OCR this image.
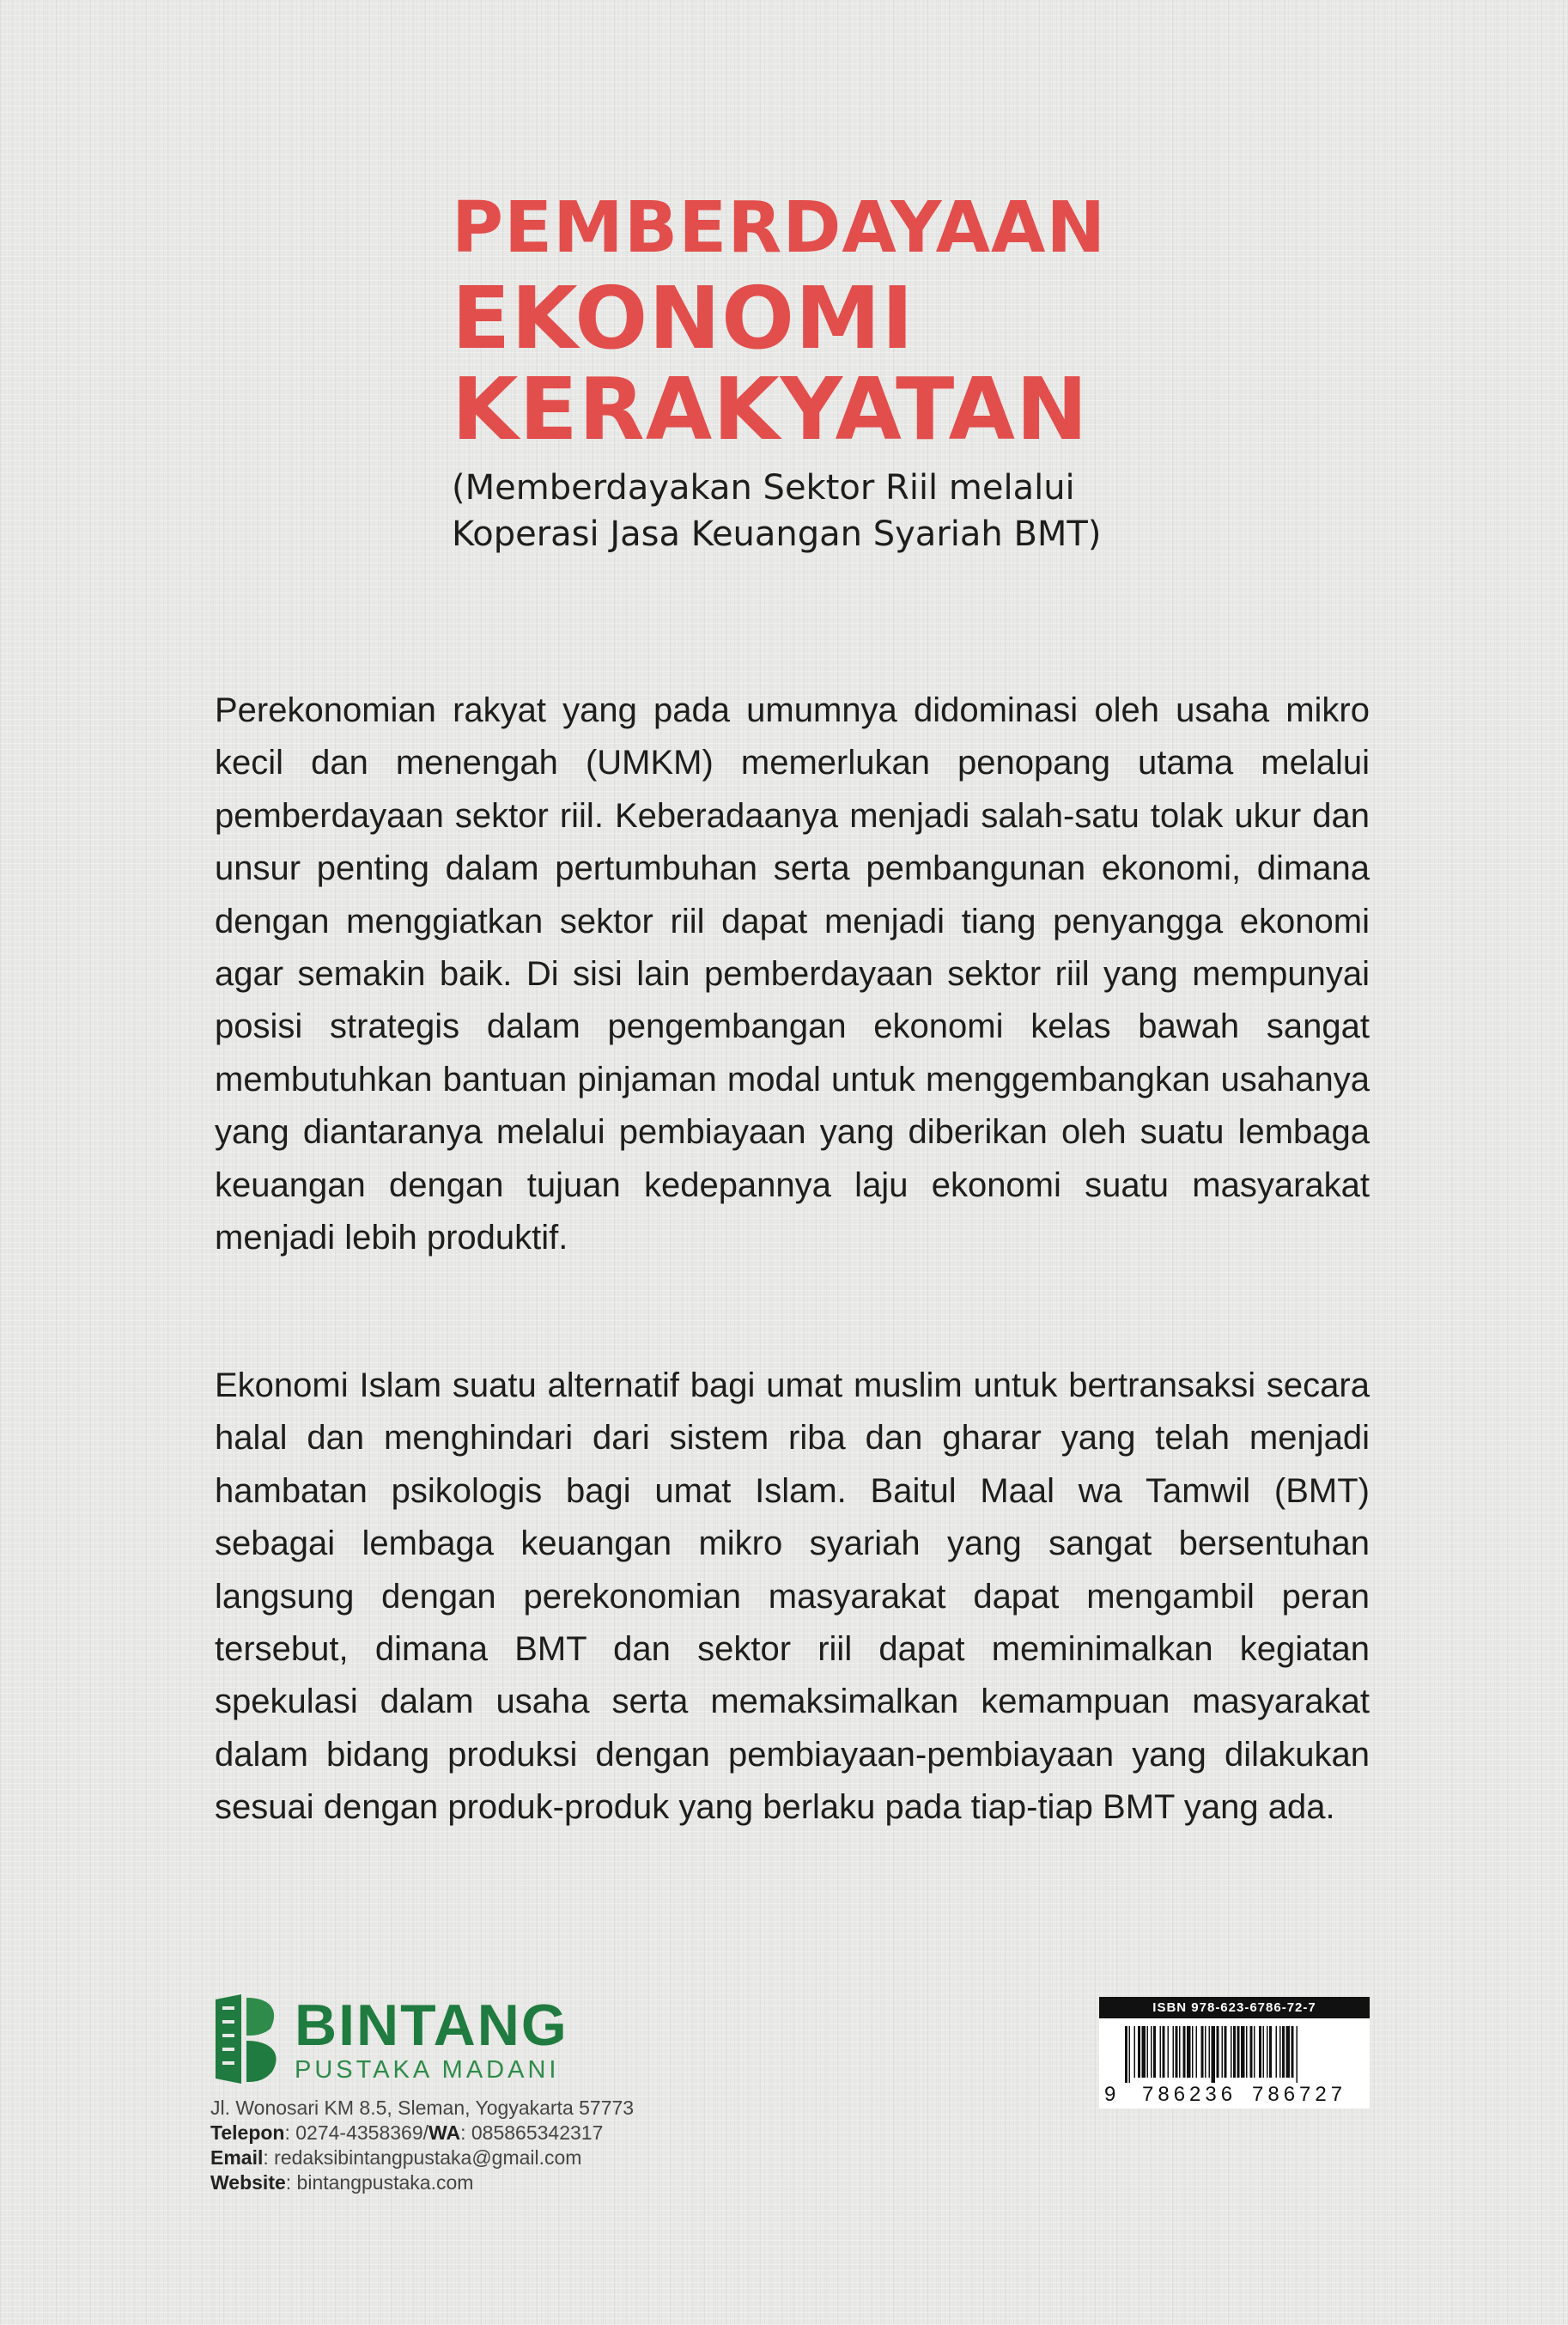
PEMBERDAYAAN
EKONOMI
KERAKYATAN
(Memberdayakan Sektor Riil melalui
Koperasi Jasa Keuangan Syariah BMT)

Perekonomian rakyat yang pada umumnya didominasi oleh usaha mikro kecil dan menengah (UMKM) memerlukan penopang utama melalui pemberdayaan sektor riil. Keberadaanya menjadi salah-satu tolak ukur dan unsur penting dalam pertumbuhan serta pembangunan ekonomi, dimana dengan menggiatkan sektor riil dapat menjadi tiang penyangga ekonomi agar semakin baik. Di sisi lain pemberdayaan sektor riil yang mempunyai posisi strategis dalam pengembangan ekonomi kelas bawah sangat membutuhkan bantuan pinjaman modal untuk menggembangkan usahanya yang diantaranya melalui pembiayaan yang diberikan oleh suatu lembaga keuangan dengan tujuan kedepannya laju ekonomi suatu masyarakat menjadi lebih produktif.

Ekonomi Islam suatu alternatif bagi umat muslim untuk bertransaksi secara halal dan menghindari dari sistem riba dan gharar yang telah menjadi hambatan psikologis bagi umat Islam. Baitul Maal wa Tamwil (BMT) sebagai lembaga keuangan mikro syariah yang sangat bersentuhan langsung dengan perekonomian masyarakat dapat mengambil peran tersebut, dimana BMT dan sektor riil dapat meminimalkan kegiatan spekulasi dalam usaha serta memaksimalkan kemampuan masyarakat dalam bidang produksi dengan pembiayaan-pembiayaan yang dilakukan sesuai dengan produk-produk yang berlaku pada tiap-tiap BMT yang ada.

BINTANG
PUSTAKA MADANI
Jl. Wonosari KM 8.5, Sleman, Yogyakarta 57773
Telepon: 0274-4358369/WA: 085865342317
Email: redaksibintangpustaka@gmail.com
Website: bintangpustaka.com
ISBN 978-623-6786-72-7
9 786236 786727
